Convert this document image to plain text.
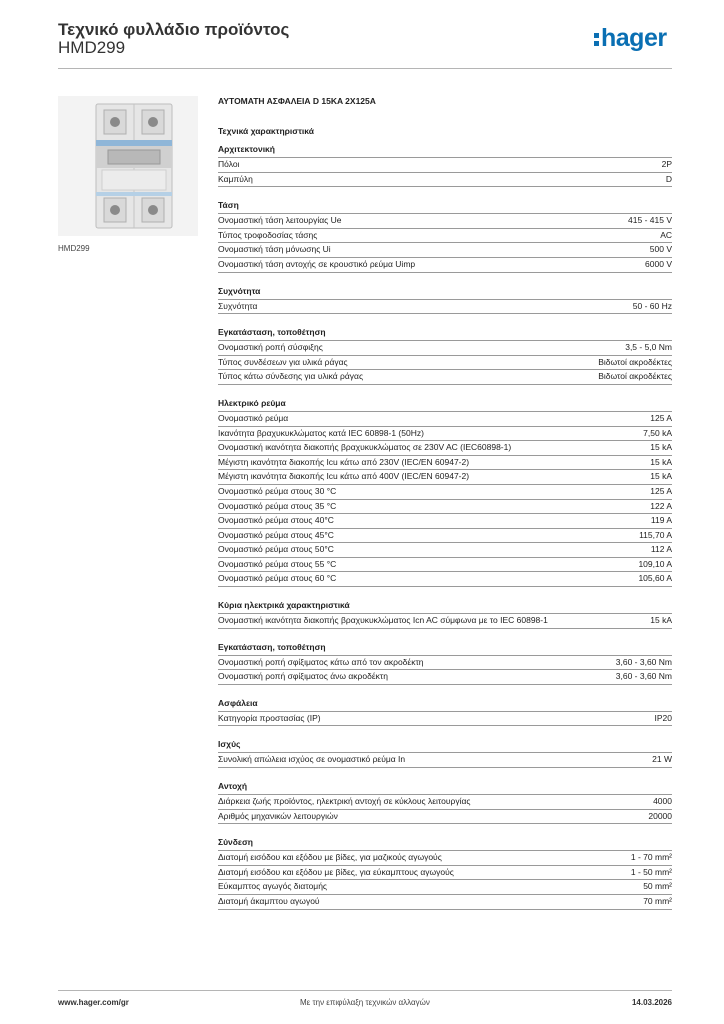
Τεχνικό φυλλάδιο προϊόντος
HMD299	hager
HMD299
ΑΥΤΟΜΑΤΗ ΑΣΦΑΛΕΙΑ D 15KA 2X125A
Τεχνικά χαρακτηριστικά
Αρχιτεκτονική
Πόλοι	2P
Καμπύλη	D
Τάση
Ονομαστική τάση λειτουργίας Ue	415 - 415 V
Τύπος τροφοδοσίας τάσης	AC
Ονομαστική τάση μόνωσης Ui	500 V
Ονομαστική τάση αντοχής σε κρουστικό ρεύμα Uimp	6000 V
Συχνότητα
Συχνότητα	50 - 60 Hz
Εγκατάσταση, τοποθέτηση
Ονομαστική ροπή σύσφιξης	3,5 - 5,0 Nm
Τύπος συνδέσεων για υλικά ράγας	Βιδωτοί ακροδέκτες
Τύπος κάτω σύνδεσης για υλικά ράγας	Βιδωτοί ακροδέκτες
Ηλεκτρικό ρεύμα
Ονομαστικό ρεύμα	125 A
Ικανότητα βραχυκυκλώματος κατά IEC 60898-1 (50Hz)	7,50 kA
Ονομαστική ικανότητα διακοπής βραχυκυκλώματος σε 230V AC (IEC60898-1)	15 kA
Μέγιστη ικανότητα διακοπής Icu κάτω από 230V (IEC/EN 60947-2)	15 kA
Μέγιστη ικανότητα διακοπής Icu κάτω από 400V (IEC/EN 60947-2)	15 kA
Ονομαστικό ρεύμα στους 30 °C	125 A
Ονομαστικό ρεύμα στους 35 °C	122 A
Ονομαστικό ρεύμα στους 40°C	119 A
Ονομαστικό ρεύμα στους 45°C	115,70 A
Ονομαστικό ρεύμα στους 50°C	112 A
Ονομαστικό ρεύμα στους 55 °C	109,10 A
Ονομαστικό ρεύμα στους 60 °C	105,60 A
Κύρια ηλεκτρικά χαρακτηριστικά
Ονομαστική ικανότητα διακοπής βραχυκυκλώματος Icn AC σύμφωνα με το IEC 60898-1	15 kA
Εγκατάσταση, τοποθέτηση
Ονομαστική ροπή σφίξιματος κάτω από τον ακροδέκτη	3,60 - 3,60 Nm
Ονομαστική ροπή σφίξιματος άνω ακροδέκτη	3,60 - 3,60 Nm
Ασφάλεια
Κατηγορία προστασίας (IP)	IP20
Ισχύς
Συνολική απώλεια ισχύος σε ονομαστικό ρεύμα In	21 W
Αντοχή
Διάρκεια ζωής προϊόντος, ηλεκτρική αντοχή σε κύκλους λειτουργίας	4000
Αριθμός μηχανικών λειτουργιών	20000
Σύνδεση
Διατομή εισόδου και εξόδου με βίδες, για μαζικούς αγωγούς	1 - 70 mm²
Διατομή εισόδου και εξόδου με βίδες, για εύκαμπτους αγωγούς	1 - 50 mm²
Εύκαμπτος αγωγός διατομής	50 mm²
Διατομή άκαμπτου αγωγού	70 mm²
www.hager.com/gr	Με την επιφύλαξη τεχνικών αλλαγών	14.03.2026
